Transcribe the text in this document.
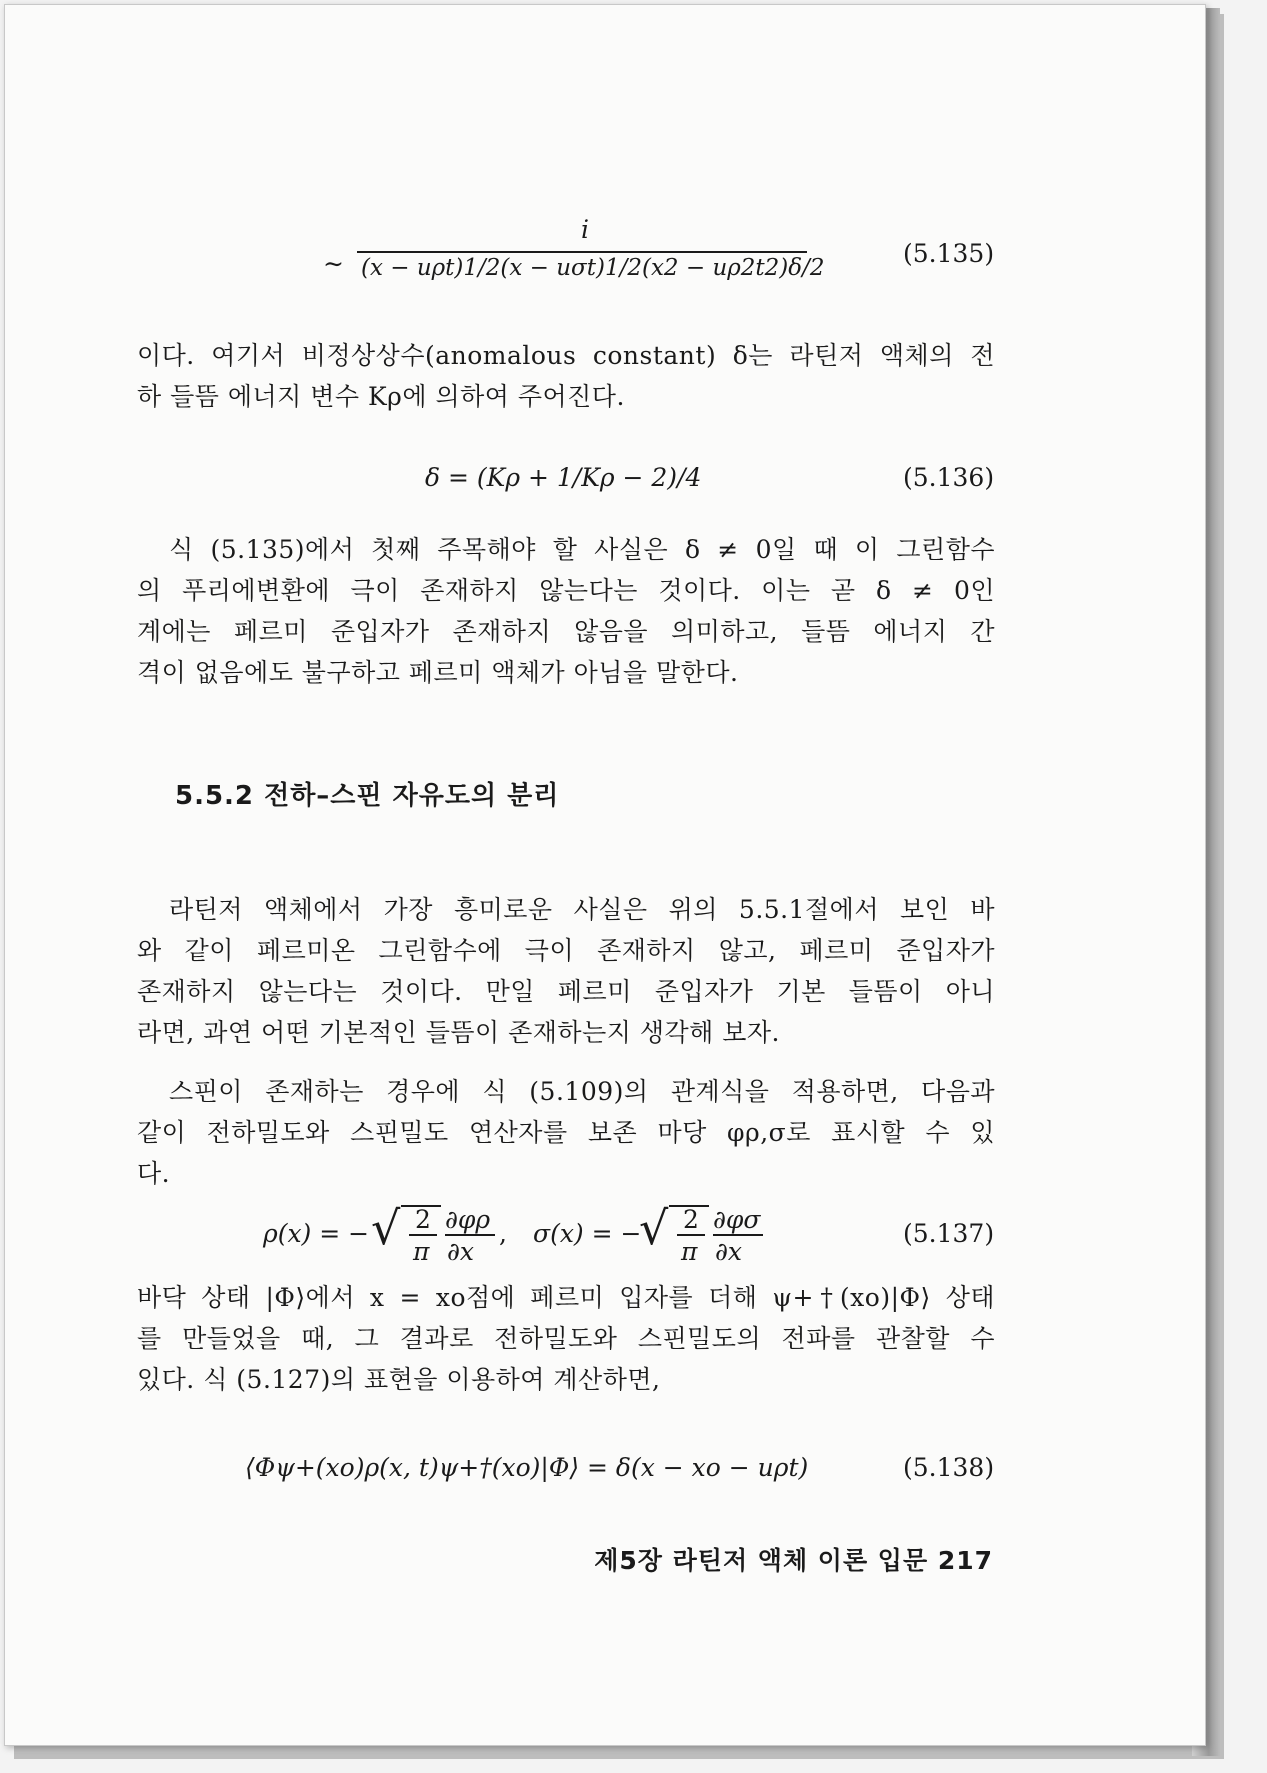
∼
i
(x − uρt)1/2(x − uσt)1/2(x2 − uρ2t2)δ/2	(5.135)
이다. 여기서 비정상상수(anomalous constant) δ는 라틴저 액체의 전
하 들뜸 에너지 변수 Kρ에 의하여 주어진다.
δ = (Kρ + 1/Kρ − 2)/4	(5.136)
식 (5.135)에서 첫째 주목해야 할 사실은 δ ≠ 0일 때 이 그린함수
의 푸리에변환에 극이 존재하지 않는다는 것이다. 이는 곧 δ ≠ 0인
계에는 페르미 준입자가 존재하지 않음을 의미하고, 들뜸 에너지 간
격이 없음에도 불구하고 페르미 액체가 아님을 말한다.
5.5.2 전하–스핀 자유도의 분리
라틴저 액체에서 가장 흥미로운 사실은 위의 5.5.1절에서 보인 바
와 같이 페르미온 그린함수에 극이 존재하지 않고, 페르미 준입자가
존재하지 않는다는 것이다. 만일 페르미 준입자가 기본 들뜸이 아니
라면, 과연 어떤 기본적인 들뜸이 존재하는지 생각해 보자.
스핀이 존재하는 경우에 식 (5.109)의 관계식을 적용하면, 다음과
같이 전하밀도와 스핀밀도 연산자를 보존 마당 φρ,σ로 표시할 수 있
다.
ρ(x) = − √ 2
π
∂φρ
∂x
, σ(x) = −
√ 2
π
∂φσ
∂x
(5.137)
바닥 상태 |Φ⟩에서 x = xo점에 페르미 입자를 더해 ψ+†(xo)|Φ⟩ 상태
를 만들었을 때, 그 결과로 전하밀도와 스핀밀도의 전파를 관찰할 수
있다. 식 (5.127)의 표현을 이용하여 계산하면,
⟨Φψ+(xo)ρ(x, t)ψ+†(xo)|Φ⟩ = δ(x − xo − uρt)	(5.138)
제5장 라틴저 액체 이론 입문 217
